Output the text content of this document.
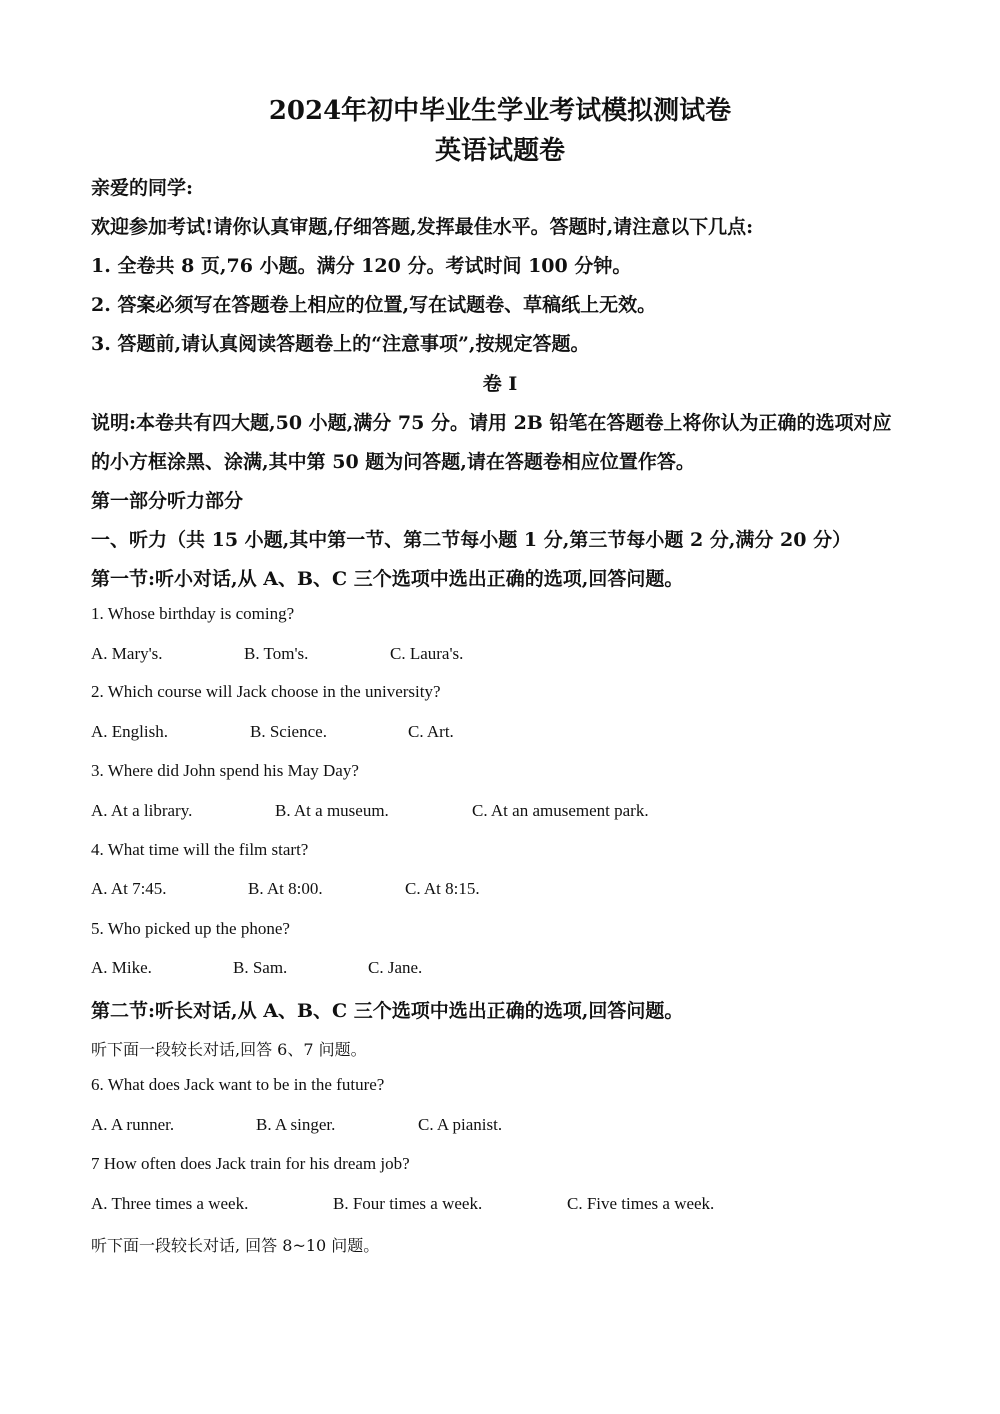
2024年初中毕业生学业考试模拟测试卷
英语试题卷
亲爱的同学:
欢迎参加考试!请你认真审题,仔细答题,发挥最佳水平。答题时,请注意以下几点:
1. 全卷共 8 页,76 小题。满分 120 分。考试时间 100 分钟。
2. 答案必须写在答题卷上相应的位置,写在试题卷、草稿纸上无效。
3. 答题前,请认真阅读答题卷上的“注意事项”,按规定答题。
卷 I
说明:本卷共有四大题,50 小题,满分 75 分。请用 2B 铅笔在答题卷上将你认为正确的选项对应
的小方框涂黑、涂满,其中第 50 题为问答题,请在答题卷相应位置作答。
第一部分听力部分
一、听力（共 15 小题,其中第一节、第二节每小题 1 分,第三节每小题 2 分,满分 20 分）
第一节:听小对话,从 A、B、C 三个选项中选出正确的选项,回答问题。
1. Whose birthday is coming?
A. Mary's.	B. Tom's.	C. Laura's.
2. Which course will Jack choose in the university?
A. English.	B. Science.	C. Art.
3. Where did John spend his May Day?
A. At a library.	B. At a museum.	C. At an amusement park.
4. What time will the film start?
A. At 7:45.	B. At 8:00.	C. At 8:15.
5. Who picked up the phone?
A. Mike.	B. Sam.	C. Jane.
第二节:听长对话,从 A、B、C 三个选项中选出正确的选项,回答问题。
听下面一段较长对话,回答 6、7 问题。
6. What does Jack want to be in the future?
A. A runner.	B. A singer.	C. A pianist.
7 How often does Jack train for his dream job?
A. Three times a week.	B. Four times a week.	C. Five times a week.
听下面一段较长对话, 回答 8~10 问题。
